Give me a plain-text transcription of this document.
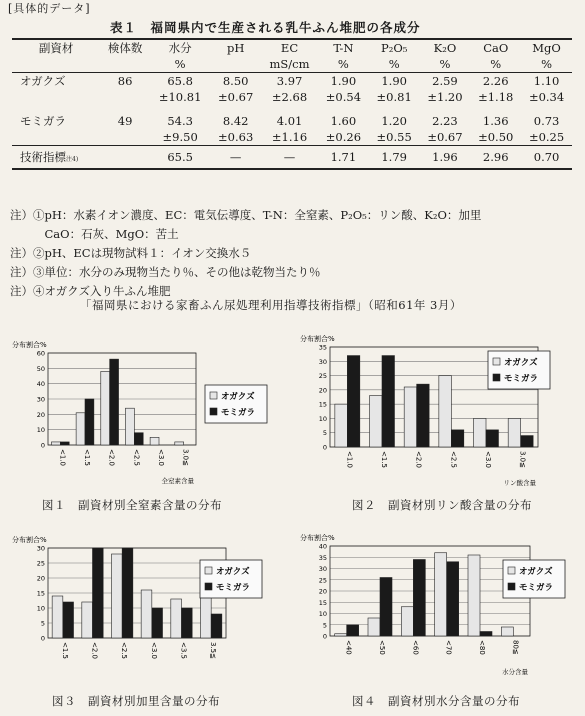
[具体的データ]
表１　福岡県内で生産される乳牛ふん堆肥の各成分
副資材	検体数	水分	pH	EC	T-N	P₂O₅	K₂O	CaO	MgO
		%		mS/cm	%	%	%	%	%
オガクズ	86	65.8	8.50	3.97	1.90	1.90	2.59	2.26	1.10
		±10.81	±0.67	±2.68	±0.54	±0.81	±1.20	±1.18	±0.34
モミガラ	49	54.3	8.42	4.01	1.60	1.20	2.23	1.36	0.73
		±9.50	±0.63	±1.16	±0.26	±0.55	±0.67	±0.50	±0.25
技術指標注4)		65.5	—	—	1.71	1.79	1.96	2.96	0.70
注）①pH：水素イオン濃度、EC：電気伝導度、T-N：全窒素、P₂O₅：リン酸、K₂O：加里
　　　CaO：石灰、MgO：苦土
注）②pH、ECは現物試料１：イオン交換水５
注）③単位：水分のみ現物当たり％、その他は乾物当たり％
注）④オガクズ入り牛ふん堆肥
「福岡県における家畜ふん尿処理利用指導技術指標」（昭和61年 3月）
分布割合%
0
10
20
30
40
50
60
<1.0 <1.5 <2.0 <2.5 <3.0 3.0≦
全窒素含量
オガクズ
モミガラ
図１　副資材別全窒素含量の分布
分布割合%
0
5
10
15
20
25
30
35
<1.0	<1.5	<2.0	<2.5	<3.0	3.0≦
リン酸含量
オガクズ
モミガラ
図２　副資材別リン酸含量の分布
分布割合%
0
5
10
15
20
25
30
<1.5	<2.0	<2.5	<3.0	<3.5	3.5≦
オガクズ
モミガラ
図３　副資材別加里含量の分布
分布割合%
0
5
10
15
20
25
30
35
40
<40	<50	<60	<70	<80	80≦
水分含量
オガクズ
モミガラ
図４　副資材別水分含量の分布
